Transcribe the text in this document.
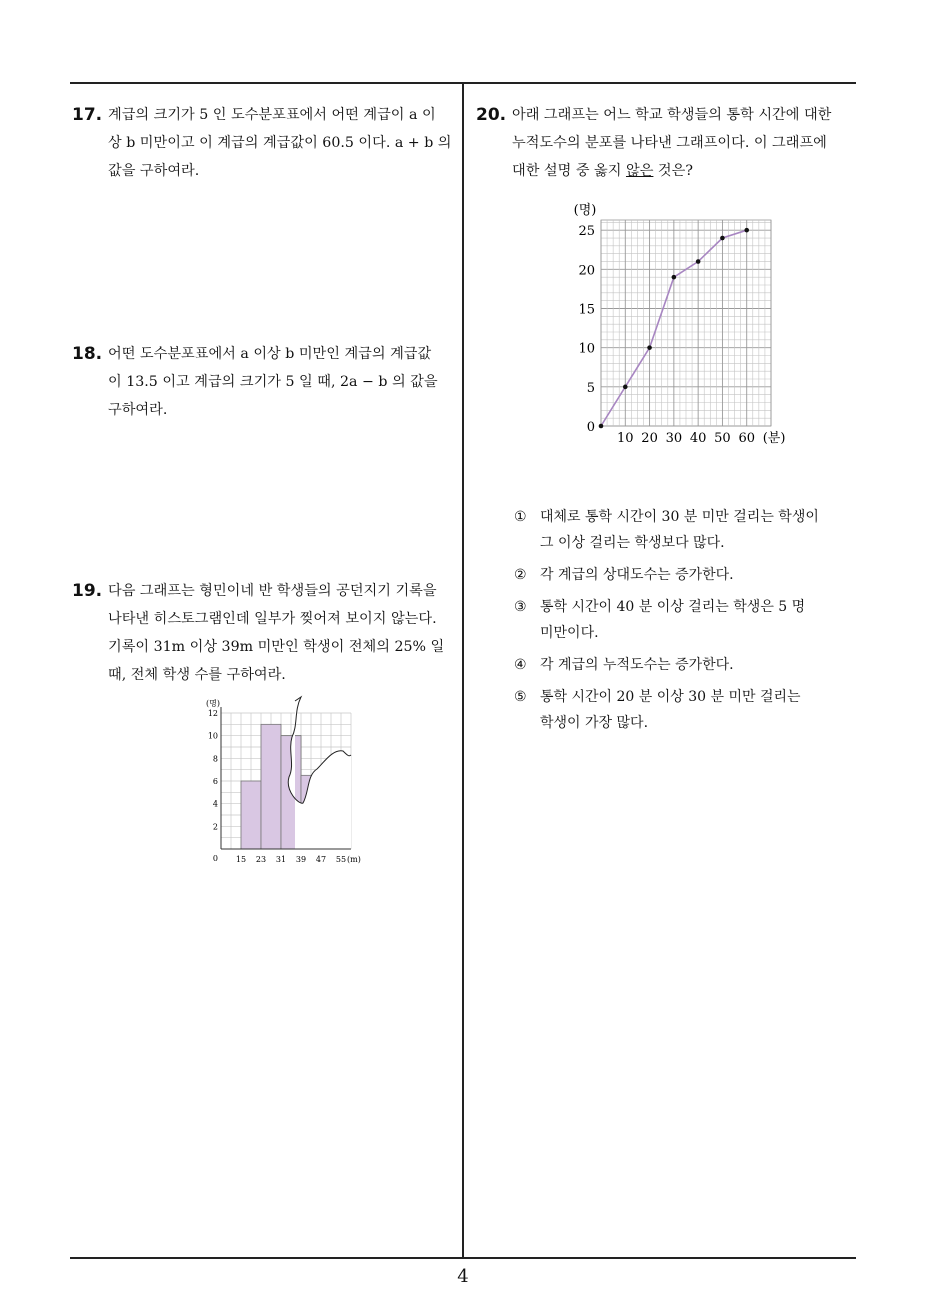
17. 계급의 크기가 5 인 도수분포표에서 어떤 계급이 a 이
상 b 미만이고 이 계급의 계급값이 60.5 이다. a + b 의
값을 구하여라.
18. 어떤 도수분포표에서 a 이상 b 미만인 계급의 계급값
이 13.5 이고 계급의 크기가 5 일 때, 2a − b 의 값을
구하여라.
19. 다음 그래프는 형민이네 반 학생들의 공던지기 기록을
나타낸 히스토그램인데 일부가 찢어져 보이지 않는다.
기록이 31m 이상 39m 미만인 학생이 전체의 25% 일
때, 전체 학생 수를 구하여라.
0
2
4
6
8
10
12
15 23 31 39 47 55
(명)
(m)
20. 아래 그래프는 어느 학교 학생들의 통학 시간에 대한
누적도수의 분포를 나타낸 그래프이다. 이 그래프에
대한 설명 중 옳지 않은 것은?
0
5
10
15
20
25
10 20 30 40 50 60
(명)
(분)
① 대체로 통학 시간이 30 분 미만 걸리는 학생이
그 이상 걸리는 학생보다 많다.
② 각 계급의 상대도수는 증가한다.
③ 통학 시간이 40 분 이상 걸리는 학생은 5 명
미만이다.
④ 각 계급의 누적도수는 증가한다.
⑤ 통학 시간이 20 분 이상 30 분 미만 걸리는
학생이 가장 많다.
4
